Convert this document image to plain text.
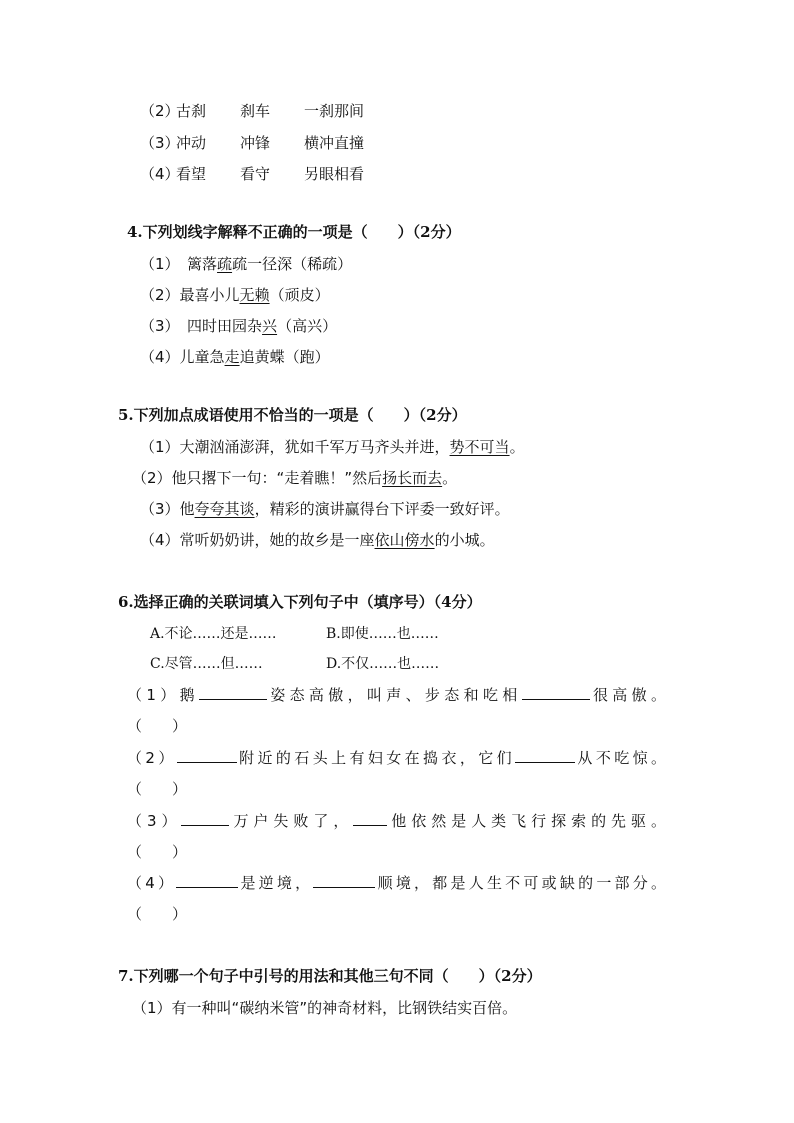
（2）古刹 刹车 一刹那间
（3）冲动 冲锋 横冲直撞
（4）看望 看守 另眼相看
4.下列划线字解释不正确的一项是（　　）（2分）
（1）　篱落疏疏一径深（稀疏）
（2）最喜小儿无赖（顽皮）
（3）　四时田园杂兴（高兴）
（4）儿童急走追黄蝶（跑）
5.下列加点成语使用不恰当的一项是（　　）（2分）
（1）大潮汹涌澎湃，犹如千军万马齐头并进，势不可当。
（2）他只撂下一句：“走着瞧！”然后扬长而去。
（3）他夸夸其谈，精彩的演讲赢得台下评委一致好评。
（4）常听奶奶讲，她的故乡是一座依山傍水的小城。
6.选择正确的关联词填入下列句子中（填序号）（4分）
A.不论……还是……	B.即使……也……
C.尽管……但……	D.不仅……也……
（1）鹅	姿态高傲，叫声、步态和吃相	很高傲。
（　　）
（2）	附近的石头上有妇女在捣衣，它们	从不吃惊。
（　　）
（3）	万户失败了， 他依然是人类飞行探索的先驱。
（　　）
（4）	是逆境，	顺境，都是人生不可或缺的一部分。
（　　）
7.下列哪一个句子中引号的用法和其他三句不同（　　）（2分）
（1）有一种叫“碳纳米管”的神奇材料，比钢铁结实百倍。
